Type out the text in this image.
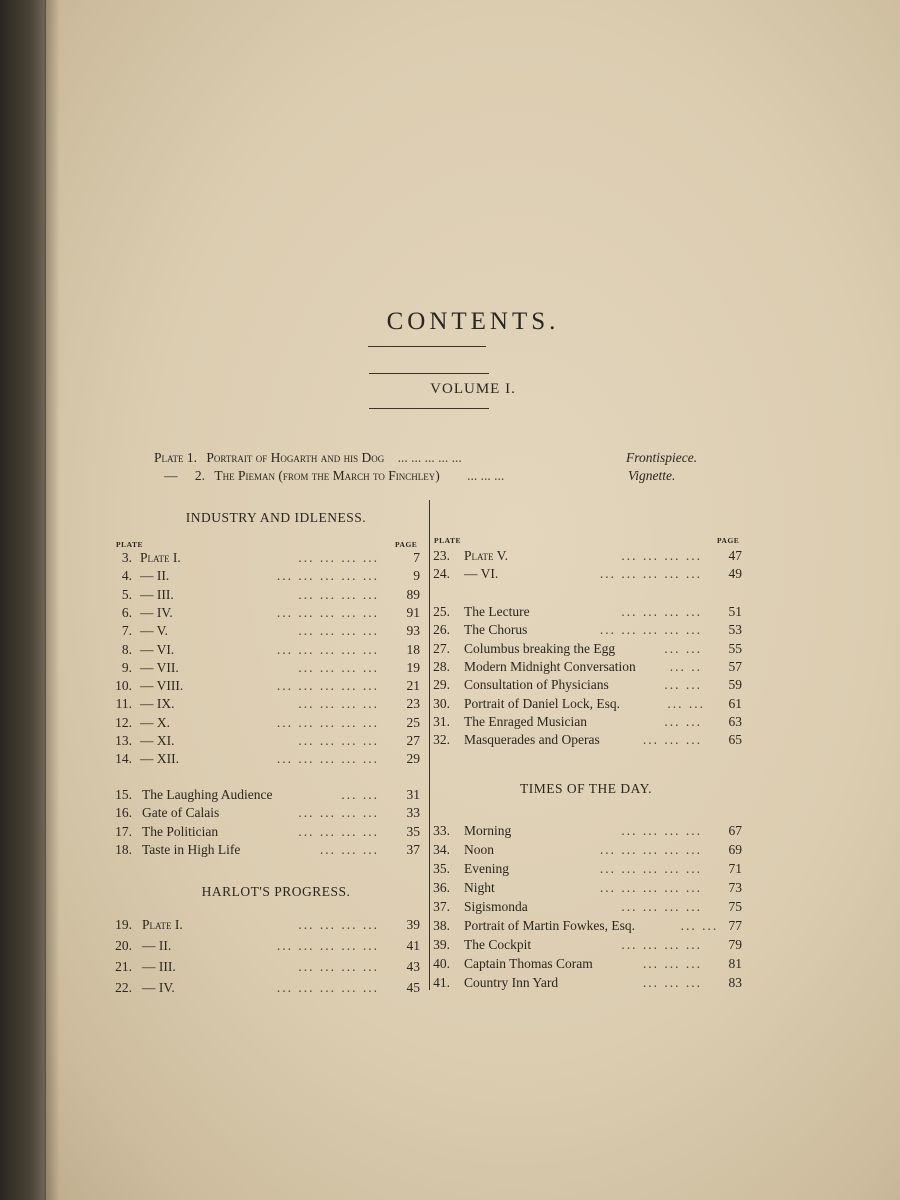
CONTENTS.
VOLUME I.
Plate 1. Portrait of Hogarth and his Dog ... ... ... ... ...	Frontispiece.
— 2. The Pieman (from the March to Finchley) ... ... ...	Vignette.
INDUSTRY AND IDLENESS.
TIMES OF THE DAY.
HARLOT'S PROGRESS.
PLATE	PAGE PLATE	PAGE
3. Plate I.	... ... ... ...	7
4. — II.	... ... ... ... ...	9
5. — III.	... ... ... ...	89
6. — IV.	... ... ... ... ...	91
7. — V.	... ... ... ...	93
8. — VI.	... ... ... ... ...	18
9. — VII.	... ... ... ...	19
10. — VIII.	... ... ... ... ...	21
11. — IX.	... ... ... ...	23
12. — X.	... ... ... ... ...	25
13. — XI.	... ... ... ...	27
14. — XII.	... ... ... ... ...	29
15. The Laughing Audience	... ...	31
16. Gate of Calais	... ... ... ...	33
17. The Politician	... ... ... ...	35
18. Taste in High Life	... ... ...	37
19. Plate I.	... ... ... ...	39
20. — II.	... ... ... ... ...	41
21. — III.	... ... ... ...	43
22. — IV.	... ... ... ... ...	45
23. Plate V.	... ... ... ...	47
24. — VI.	... ... ... ... ...	49
25. The Lecture	... ... ... ...	51
26. The Chorus	... ... ... ... ...	53
27. Columbus breaking the Egg	... ...	55
28. Modern Midnight Conversation	... ..	57
29. Consultation of Physicians	... ...	59
30. Portrait of Daniel Lock, Esq.	... ...	61
31. The Enraged Musician	... ...	63
32. Masquerades and Operas	... ... ...	65
33. Morning	... ... ... ...	67
34. Noon	... ... ... ... ...	69
35. Evening	... ... ... ... ...	71
36. Night	... ... ... ... ...	73
37. Sigismonda	... ... ... ...	75
38. Portrait of Martin Fowkes, Esq.	... ... 77
39. The Cockpit	... ... ... ...	79
40. Captain Thomas Coram	... ... ...	81
41. Country Inn Yard	... ... ...	83
